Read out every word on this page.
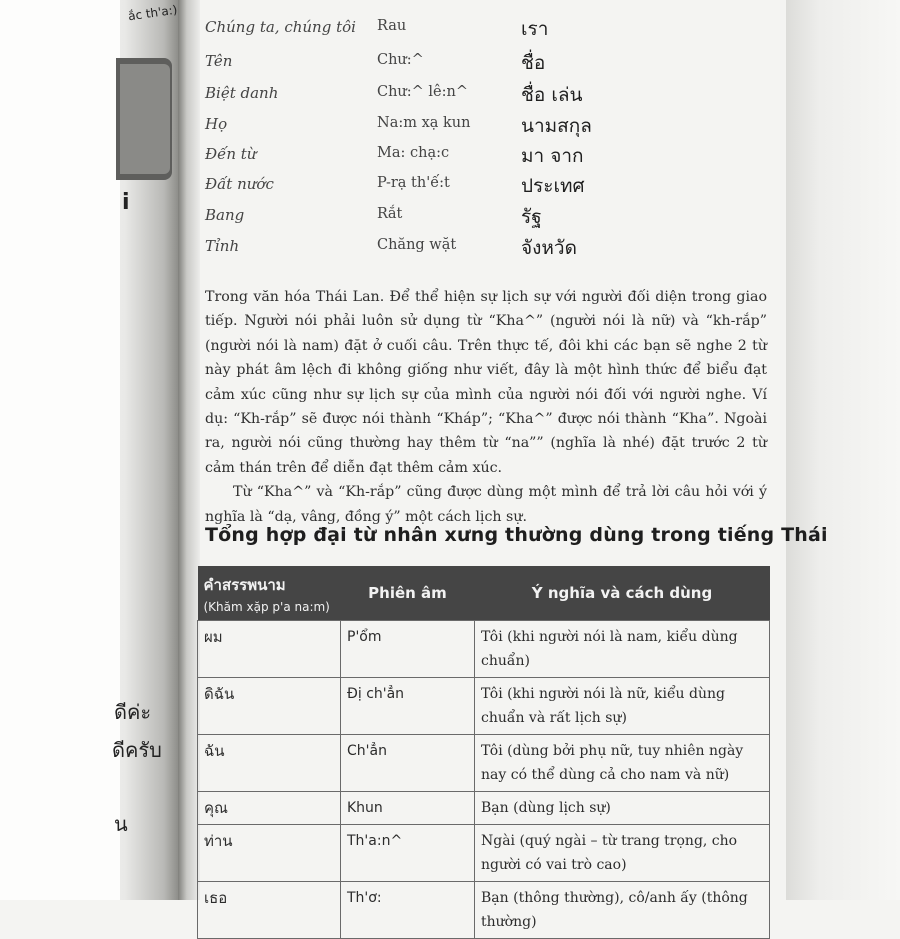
ắc th'a:)
i
ดีค่ะ
ดีครับ
น
Chúng ta, chúng tôi Rau	เรา
Tên	Chư:^	ชื่อ
Biệt danh	Chư:^ lê:n^	ชื่อ เล่น
Họ	Na:m xạ kun	นามสกุล
Đến từ	Ma: chạ:c	มา จาก
Đất nước	P-rạ th'ế:t	ประเทศ
Bang	Rắt	รัฐ
Tỉnh	Chăng wặt	จังหวัด

Trong văn hóa Thái Lan. Để thể hiện sự lịch sự với người đối diện trong giao tiếp. Người nói phải luôn sử dụng từ “Kha^” (người nói là nữ) và “kh-rắp” (người nói là nam) đặt ở cuối câu. Trên thực tế, đôi khi các bạn sẽ nghe 2 từ này phát âm lệch đi không giống như viết, đây là một hình thức để biểu đạt cảm xúc cũng như sự lịch sự của mình của người nói đối với người nghe. Ví dụ: “Kh-rắp” sẽ được nói thành “Kháp”; “Kha^” được nói thành “Kha”. Ngoài ra, người nói cũng thường hay thêm từ “na”” (nghĩa là nhé) đặt trước 2 từ cảm thán trên để diễn đạt thêm cảm xúc.

Từ “Kha^” và “Kh-rắp” cũng được dùng một mình để trả lời câu hỏi với ý nghĩa là “dạ, vâng, đồng ý” một cách lịch sự.

Tổng hợp đại từ nhân xưng thường dùng trong tiếng Thái
คำสรรพนาม
(Khăm xặp p'a na:m)	Phiên âm	Ý nghĩa và cách dùng
ผม	P'ổm	Tôi (khi người nói là nam, kiểu dùng chuẩn)
ดิฉัน	Đị ch'ẳn	Tôi (khi người nói là nữ, kiểu dùng chuẩn và rất lịch sự)
ฉัน	Ch'ẳn	Tôi (dùng bởi phụ nữ, tuy nhiên ngày nay có thể dùng cả cho nam và nữ)
คุณ	Khun	Bạn (dùng lịch sự)
ท่าน	Th'a:n^	Ngài (quý ngài – từ trang trọng, cho người có vai trò cao)
เธอ	Th'ơ:	Bạn (thông thường), cô/anh ấy (thông thường)
